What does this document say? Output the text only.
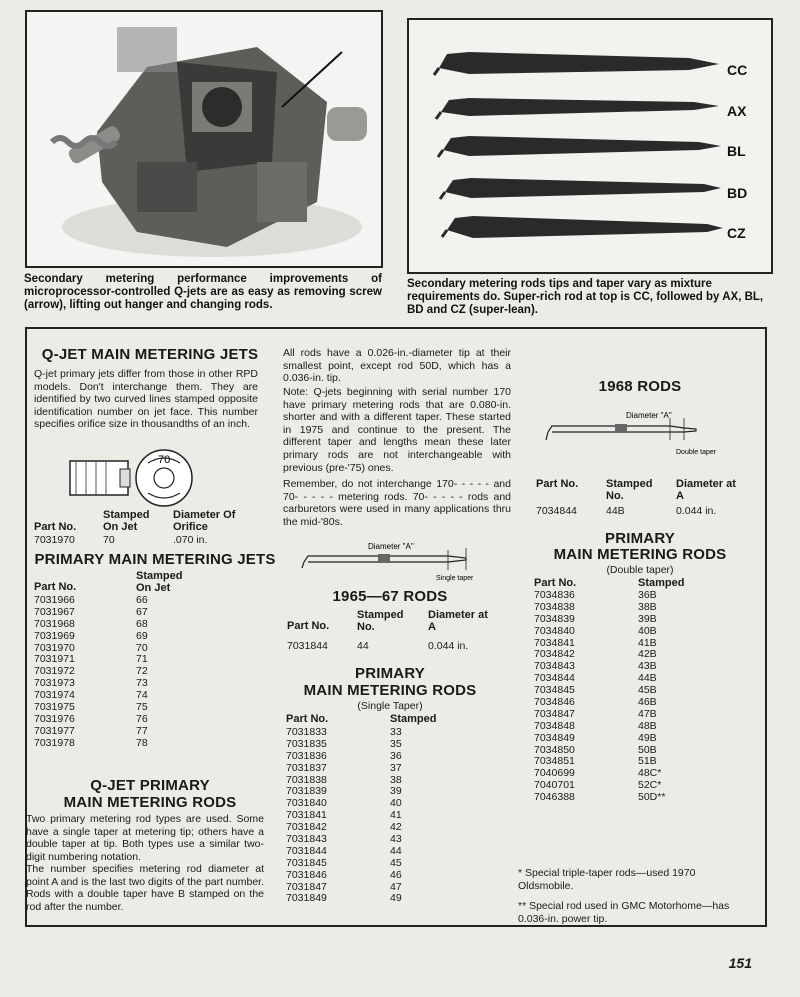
CC
AX
BL
BD
CZ
Secondary metering performance improvements of microprocessor-controlled Q-jets are as easy as removing screw (arrow), lifting out hanger and changing rods.
Secondary metering rods tips and taper vary as mixture requirements do. Super-rich rod at top is CC, followed by AX, BL, BD and CZ (super-lean).
Q-JET MAIN METERING JETS
Q-jet primary jets differ from those in other RPD models. Don't interchange them. They are identified by two curved lines stamped opposite identification number on jet face. This number specifies orifice size in thousandths of an inch.
70
Part No.
Stamped On Jet
Diameter Of Orifice
7031970	70	.070 in.
PRIMARY MAIN METERING JETS
Part No.
Stamped On Jet
7031966	66
7031967	67
7031968	68
7031969	69
7031970	70
7031971	71
7031972	72
7031973	73
7031974	74
7031975	75
7031976	76
7031977	77
7031978	78
Q-JET PRIMARY
MAIN METERING RODS
Two primary metering rod types are used. Some have a single taper at metering tip; others have a double taper at tip. Both types use a similar two-digit numbering notation.
The number specifies metering rod diameter at point A and is the last two digits of the part number. Rods with a double taper have B stamped on the rod after the number.
All rods have a 0.026-in.-diameter tip at their smallest point, except rod 50D, which has a 0.036-in. tip.
Note: Q-jets beginning with serial number 170 have primary metering rods that are 0.080-in. shorter and with a different taper. These started in 1975 and continue to the present. The different taper and lengths mean these later primary rods are not interchangeable with previous (pre-'75) ones.
Remember, do not interchange 170- - - - - and 70- - - - - metering rods. 70- - - - - rods and carburetors were used in many applications thru the mid-'80s.
Diameter "A"
Single taper
1965—67 RODS
Part No.
Stamped No.
Diameter at A
7031844	44	0.044 in.
PRIMARY
MAIN METERING RODS
(Single Taper)
Part No.	Stamped
7031833	33
7031835	35
7031836	36
7031837	37
7031838	38
7031839	39
7031840	40
7031841	41
7031842	42
7031843	43
7031844	44
7031845	45
7031846	46
7031847	47
7031849	49
1968 RODS
Diameter "A"
Double taper
Part No.	Stamped No.
Diameter at A
7034844	44B	0.044 in.
PRIMARY
MAIN METERING RODS
(Double taper)
Part No.	Stamped
7034836	36B
7034838	38B
7034839	39B
7034840	40B
7034841	41B
7034842	42B
7034843	43B
7034844	44B
7034845	45B
7034846	46B
7034847	47B
7034848	48B
7034849	49B
7034850	50B
7034851	51B
7040699	48C*
7040701	52C*
7046388	50D**
* Special triple-taper rods—used 1970 Oldsmobile.
** Special rod used in GMC Motorhome—has 0.036-in. power tip.
151
